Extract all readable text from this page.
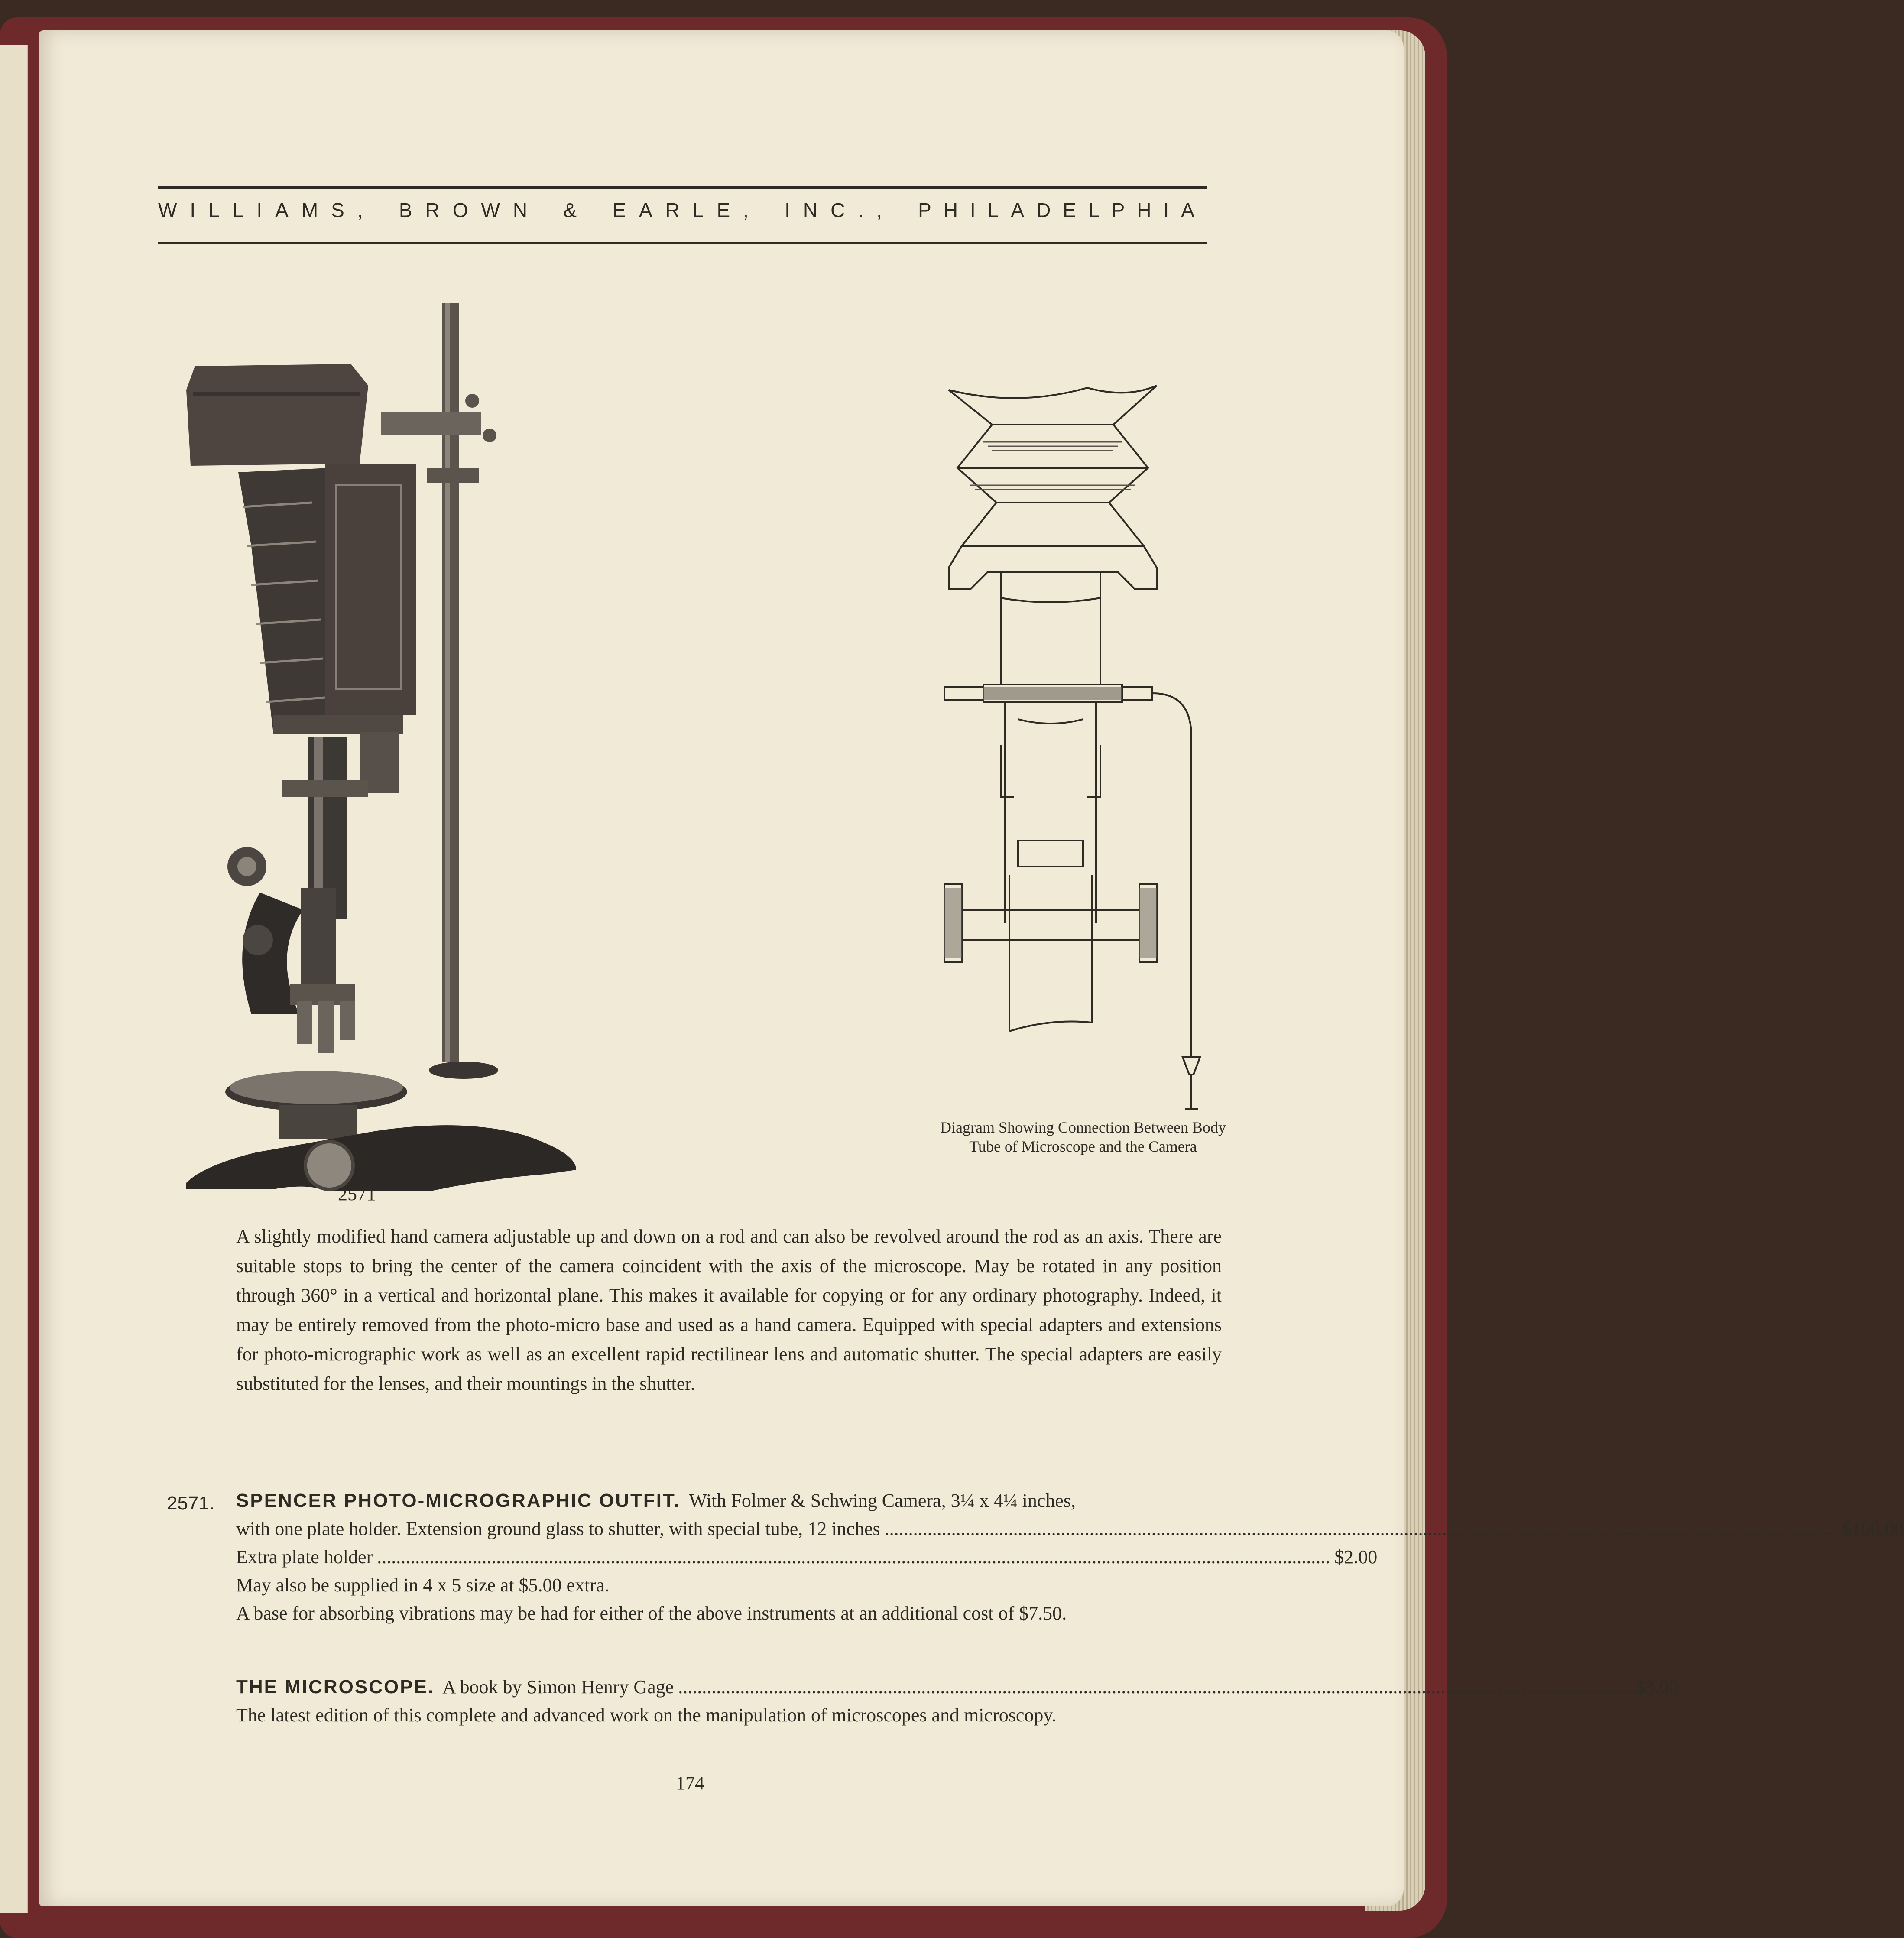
WILLIAMS, BROWN & EARLE, INC., PHILADELPHIA
2571
Diagram Showing Connection Between Body Tube of Microscope and the Camera
A slightly modified hand camera adjustable up and down on a rod and can also be revolved around the rod as an axis. There are suitable stops to bring the center of the camera coincident with the axis of the microscope. May be rotated in any position through 360° in a vertical and horizontal plane. This makes it available for copying or for any ordinary photography. Indeed, it may be entirely removed from the photo-micro base and used as a hand camera. Equipped with special adapters and extensions for photo-micrographic work as well as an excellent rapid rectilinear lens and automatic shutter. The special adapters are easily substituted for the lenses, and their mountings in the shutter.
2571. SPENCER PHOTO-MICROGRAPHIC OUTFIT. With Folmer & Schwing Camera, 3¼ x 4¼ inches,
with one plate holder. Extension ground glass to shutter, with special tube, 12 inches ........................................................................................................................................................................................................ $100.00
Extra plate holder ........................................................................................................................................................................................................ $2.00
May also be supplied in 4 x 5 size at $5.00 extra.
A base for absorbing vibrations may be had for either of the above instruments at an additional cost of $7.50.
THE MICROSCOPE. A book by Simon Henry Gage ........................................................................................................................................................................................................ $3.00
The latest edition of this complete and advanced work on the manipulation of microscopes and microscopy.
174
